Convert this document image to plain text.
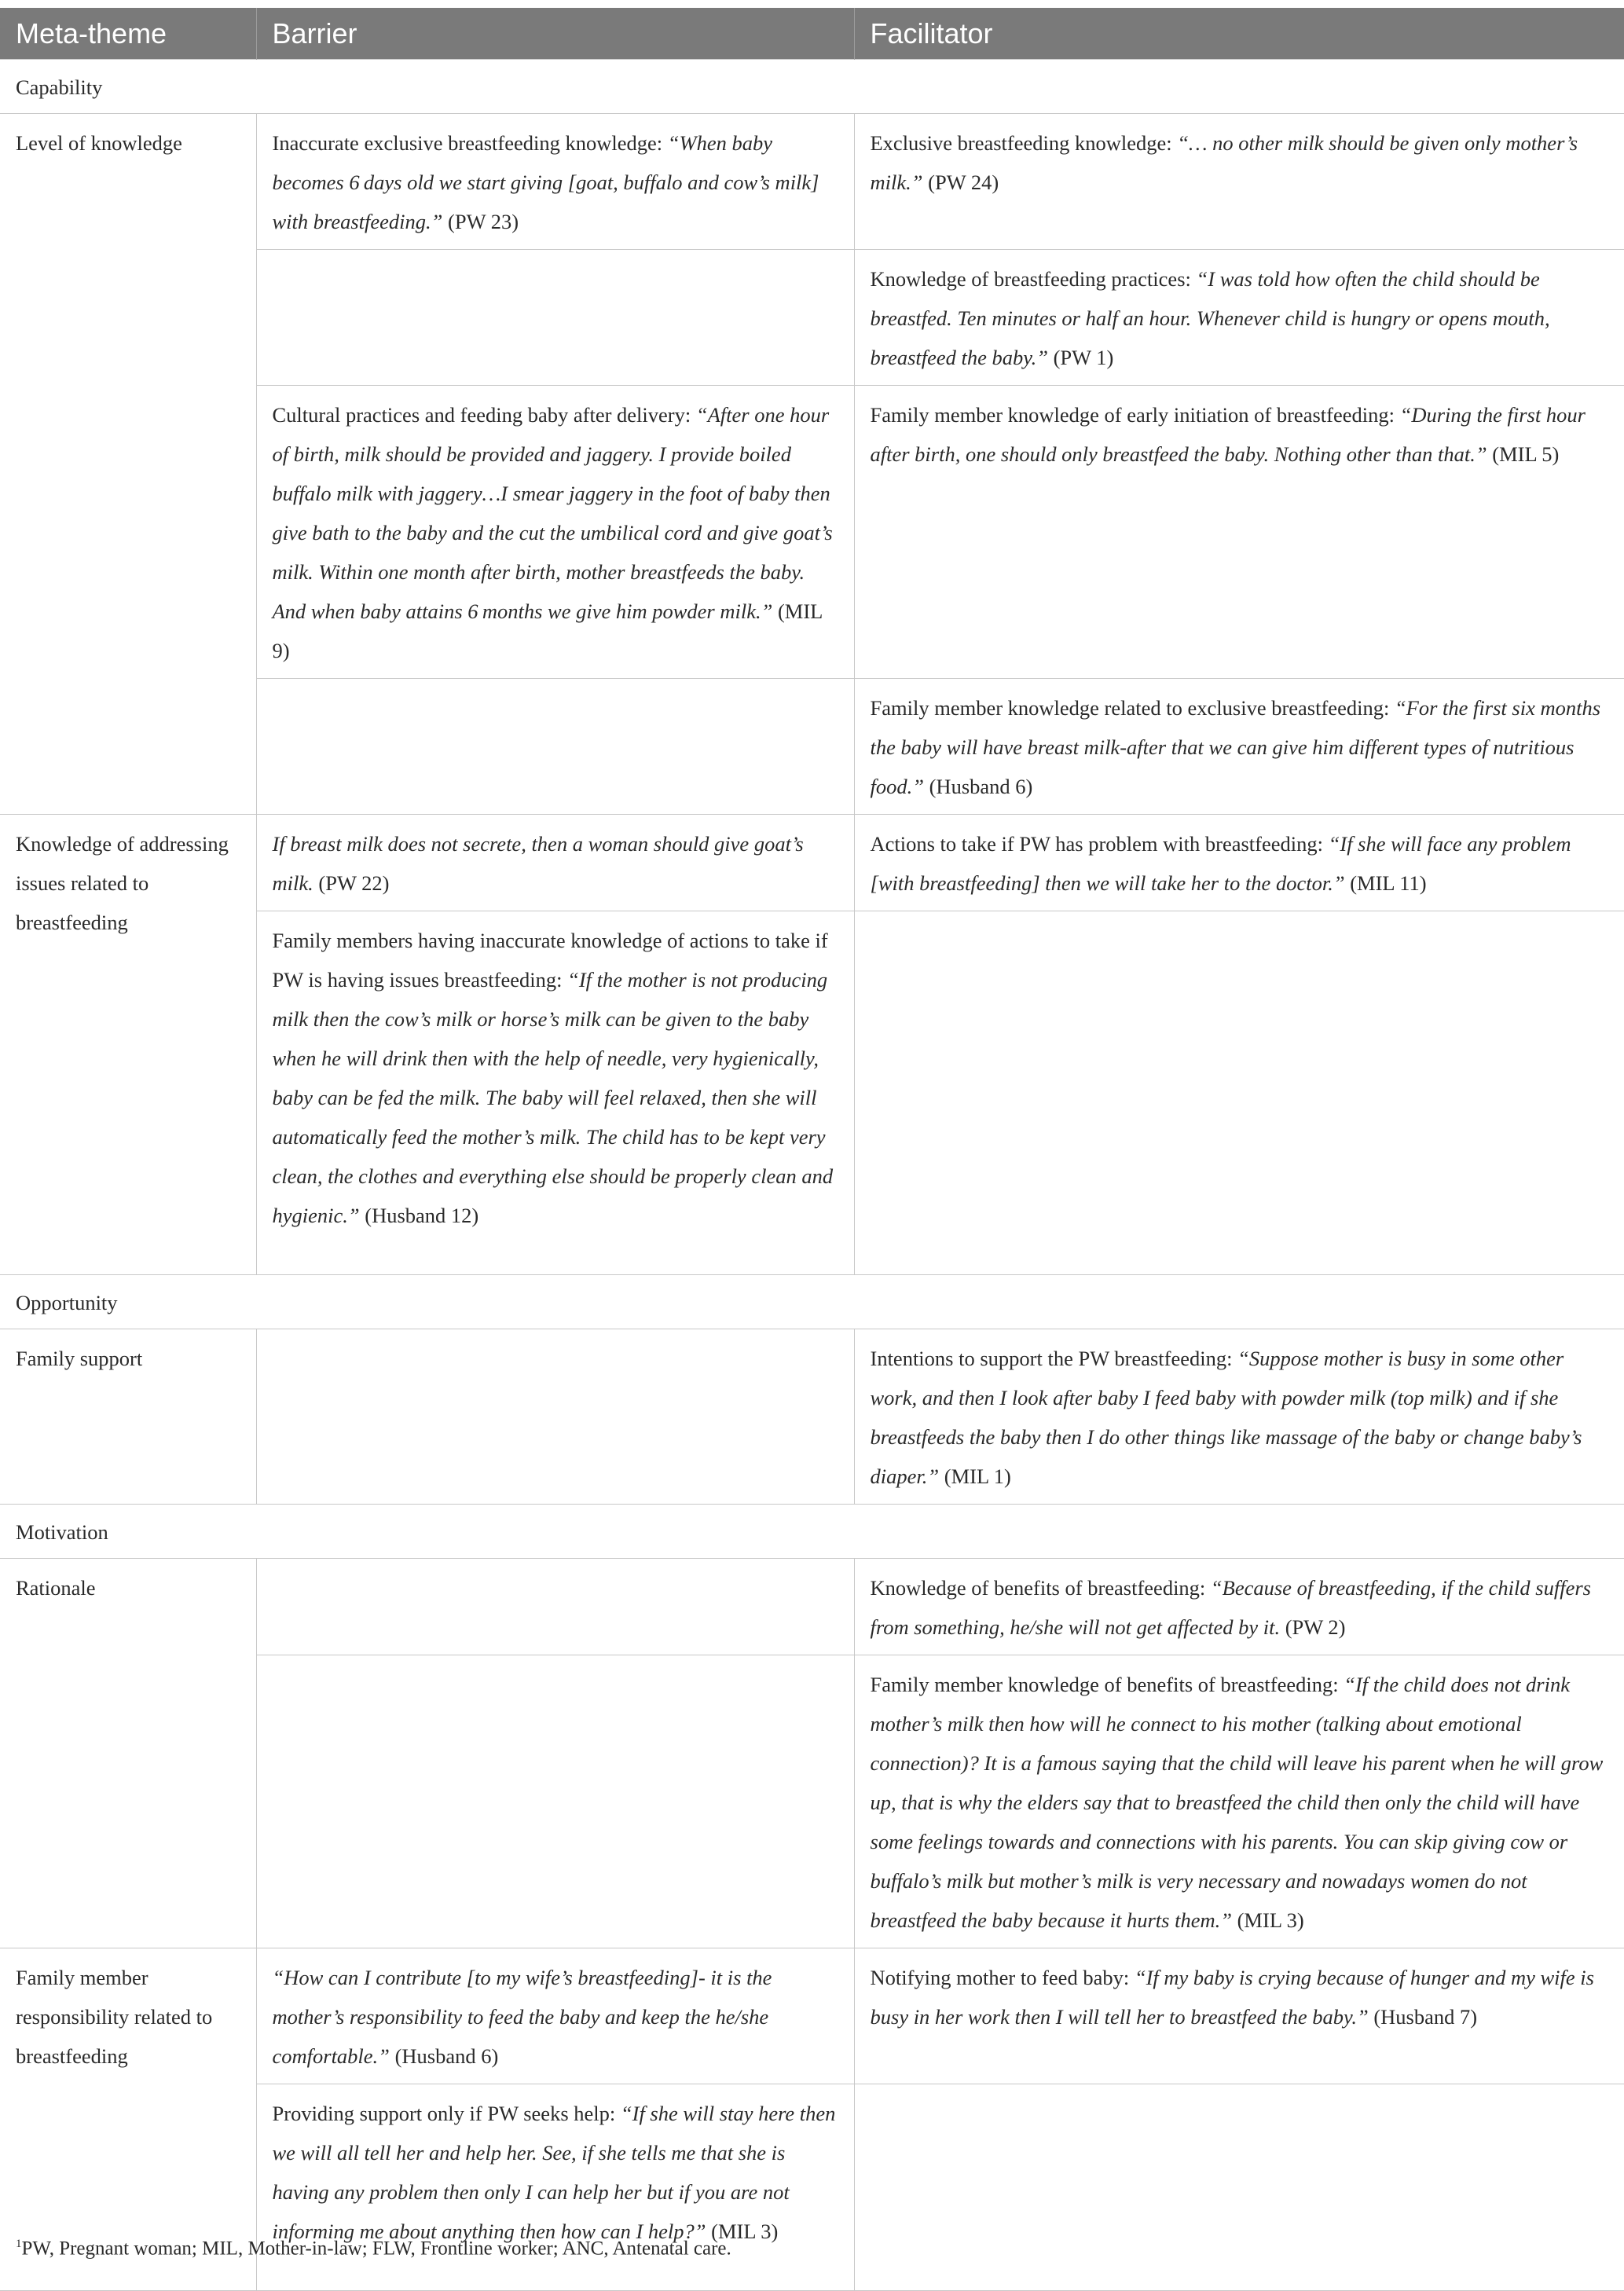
Meta-theme	Barrier	Facilitator
Capability		
Level of knowledge	Inaccurate exclusive breastfeeding knowledge: “When baby becomes 6 days old we start giving [goat, buffalo and cow’s milk] with breastfeeding.” (PW 23)	Exclusive breastfeeding knowledge: “… no other milk should be given only mother’s milk.” (PW 24)
		Knowledge of breastfeeding practices: “I was told how often the child should be breastfed. Ten minutes or half an hour. Whenever child is hungry or opens mouth, breastfeed the baby.” (PW 1)
	Cultural practices and feeding baby after delivery: “After one hour of birth, milk should be provided and jaggery. I provide boiled buffalo milk with jaggery…I smear jaggery in the foot of baby then give bath to the baby and the cut the umbilical cord and give goat’s milk. Within one month after birth, mother breastfeeds the baby. And when baby attains 6 months we give him powder milk.” (MIL 9)	Family member knowledge of early initiation of breastfeeding: “During the first hour after birth, one should only breastfeed the baby. Nothing other than that.” (MIL 5)
		Family member knowledge related to exclusive breastfeeding: “For the first six months the baby will have breast milk-after that we can give him different types of nutritious food.” (Husband 6)
Knowledge of addressing issues related to breastfeeding	If breast milk does not secrete, then a woman should give goat’s milk. (PW 22)	Actions to take if PW has problem with breastfeeding: “If she will face any problem [with breastfeeding] then we will take her to the doctor.” (MIL 11)
	Family members having inaccurate knowledge of actions to take if PW is having issues breastfeeding: “If the mother is not producing milk then the cow’s milk or horse’s milk can be given to the baby when he will drink then with the help of needle, very hygienically, baby can be fed the milk. The baby will feel relaxed, then she will automatically feed the mother’s milk. The child has to be kept very clean, the clothes and everything else should be properly clean and hygienic.” (Husband 12)	
Opportunity		
Family support		Intentions to support the PW breastfeeding: “Suppose mother is busy in some other work, and then I look after baby I feed baby with powder milk (top milk) and if she breastfeeds the baby then I do other things like massage of the baby or change baby’s diaper.” (MIL 1)
Motivation		
Rationale		Knowledge of benefits of breastfeeding: “Because of breastfeeding, if the child suffers from something, he/she will not get affected by it. (PW 2)
		Family member knowledge of benefits of breastfeeding: “If the child does not drink mother’s milk then how will he connect to his mother (talking about emotional connection)? It is a famous saying that the child will leave his parent when he will grow up, that is why the elders say that to breastfeed the child then only the child will have some feelings towards and connections with his parents. You can skip giving cow or buffalo’s milk but mother’s milk is very necessary and nowadays women do not breastfeed the baby because it hurts them.” (MIL 3)
Family member responsibility related to breastfeeding	“How can I contribute [to my wife’s breastfeeding]- it is the mother’s responsibility to feed the baby and keep the he/she comfortable.” (Husband 6)	Notifying mother to feed baby: “If my baby is crying because of hunger and my wife is busy in her work then I will tell her to breastfeed the baby.” (Husband 7)
	Providing support only if PW seeks help: “If she will stay here then we will all tell her and help her. See, if she tells me that she is having any problem then only I can help her but if you are not informing me about anything then how can I help?” (MIL 3)	
$^1$PW, Pregnant woman; MIL, Mother-in-law; FLW, Frontline worker; ANC, Antenatal care.
